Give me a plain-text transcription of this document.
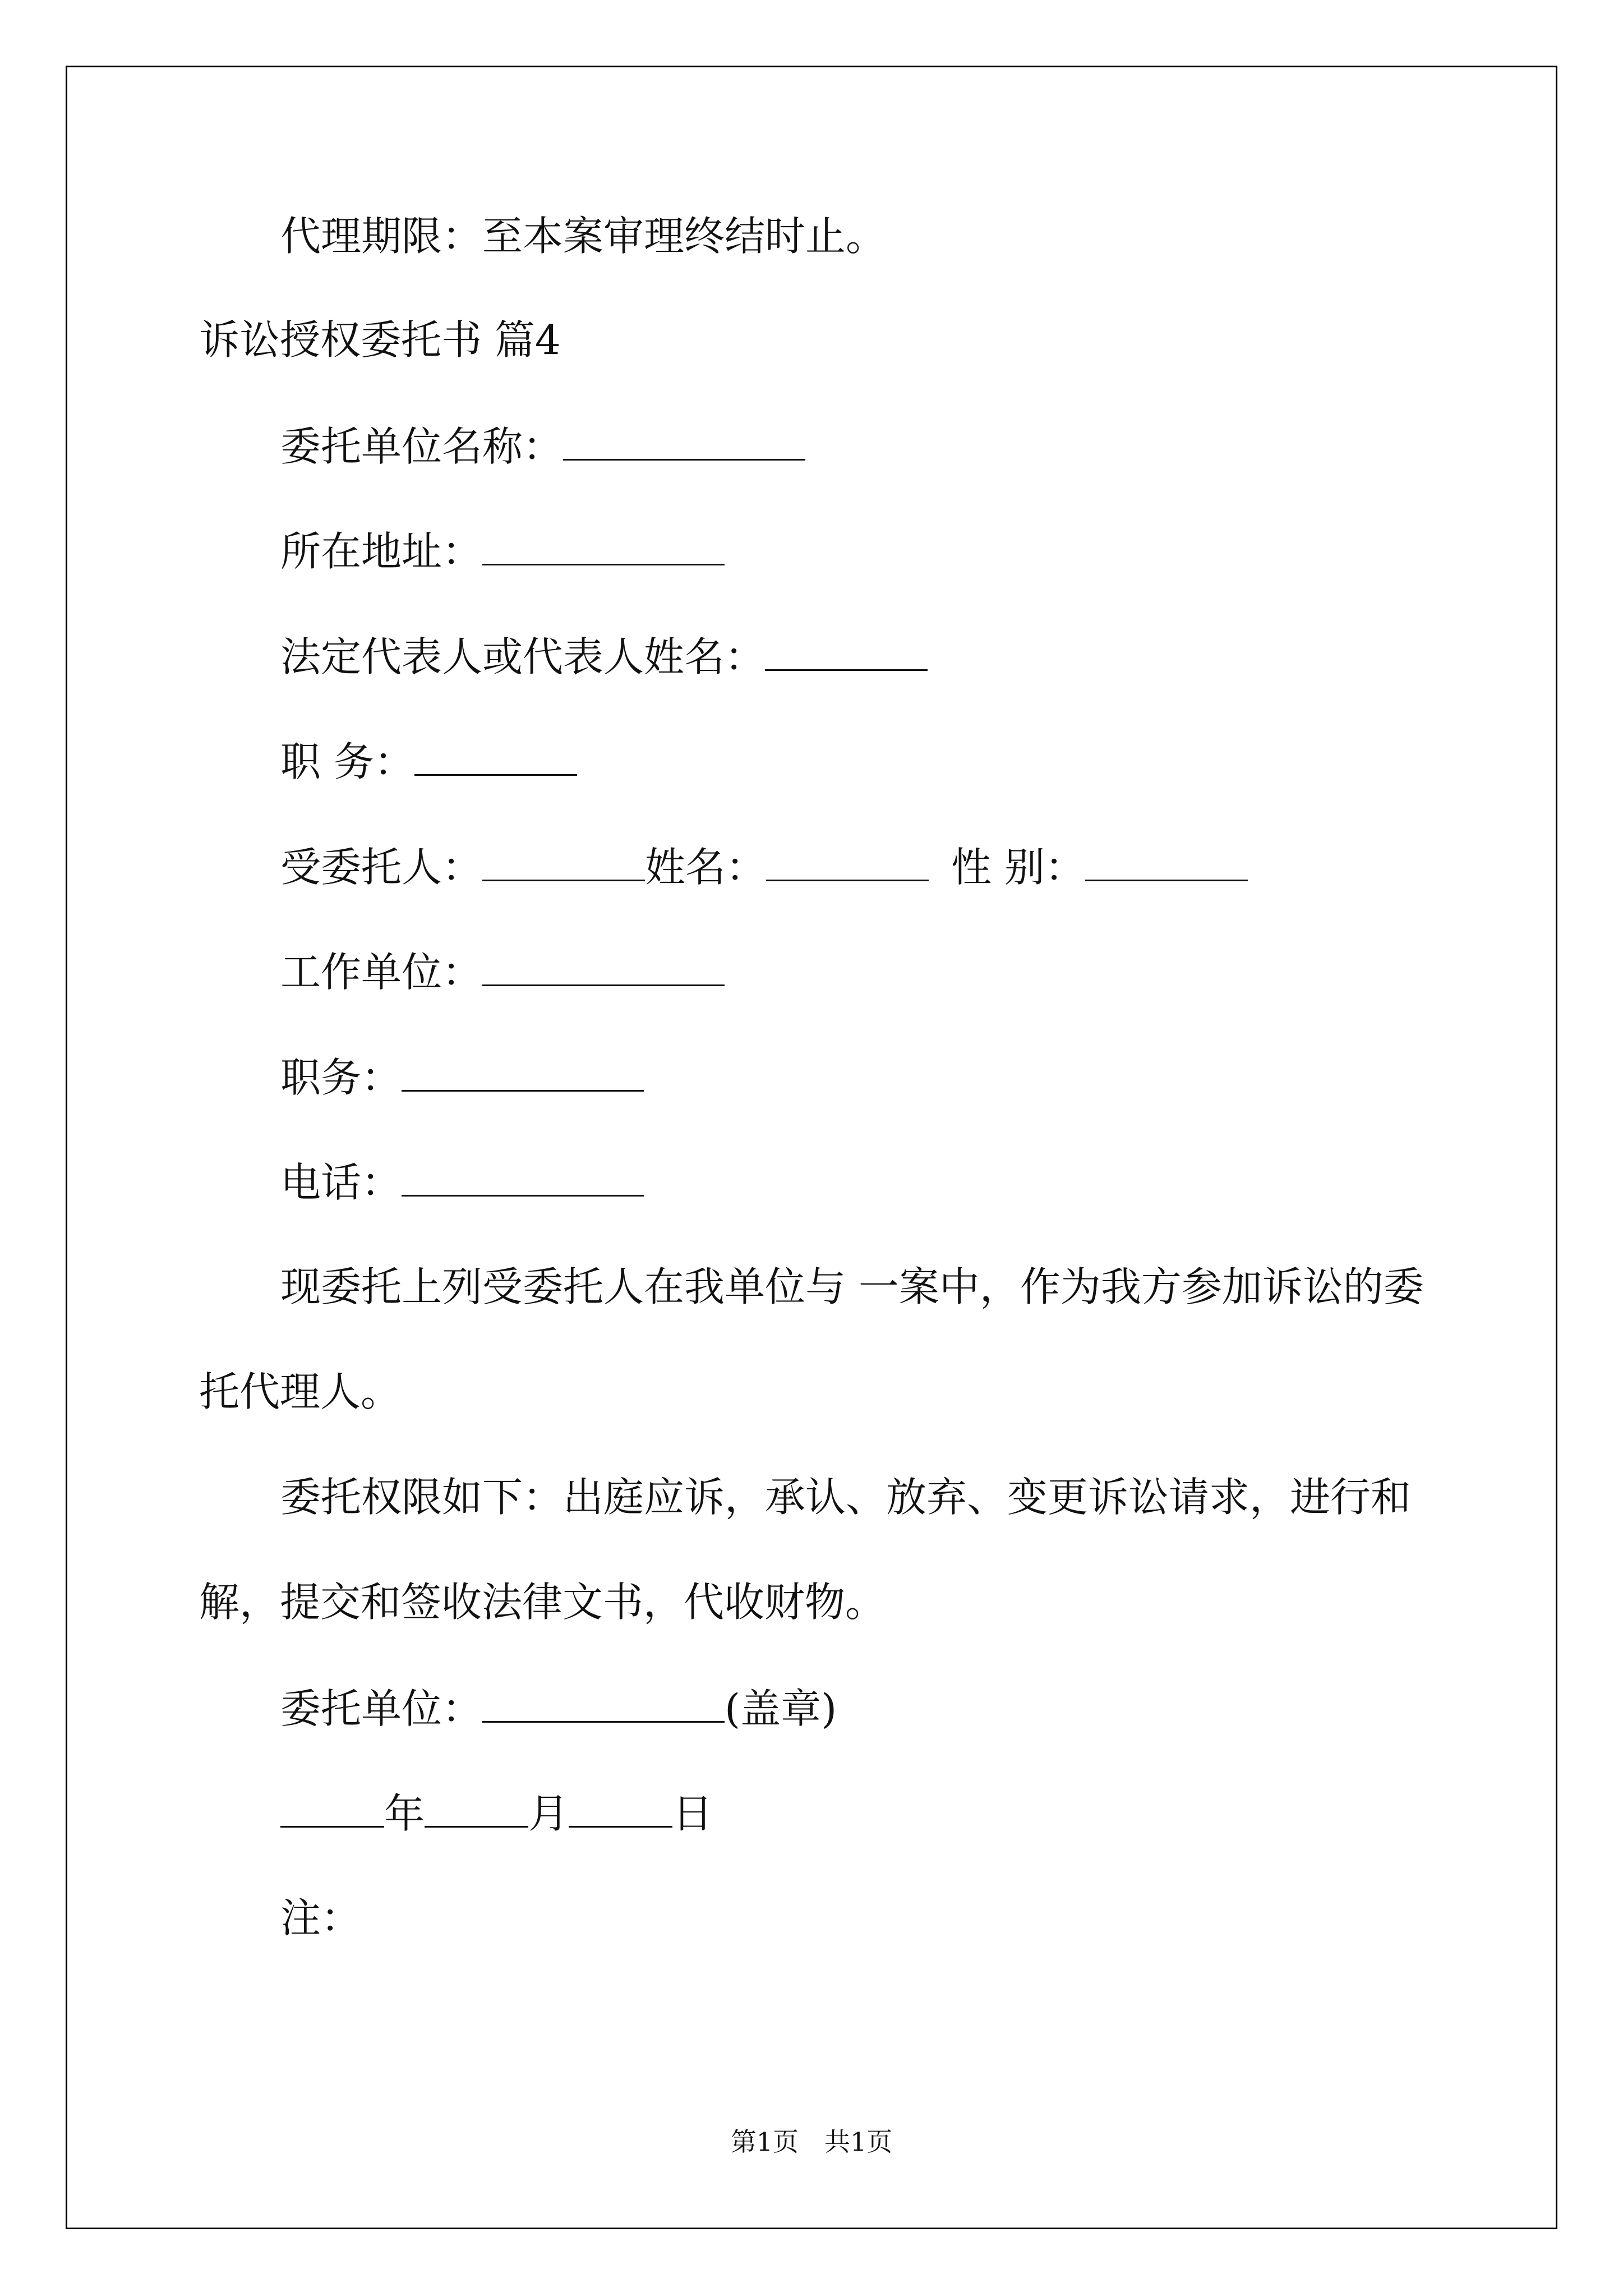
代理期限：至本案审理终结时止。
诉讼授权委托书 篇4
委托单位名称：
所在地址：
法定代表人或代表人姓名：
职 务：
受委托人：	姓名：	性 别：
工作单位：
职务：
电话：
现委托上列受委托人在我单位与 一案中，作为我方参加诉讼的委
托代理人。
委托权限如下：出庭应诉，承认、放弃、变更诉讼请求，进行和
解，提交和签收法律文书，代收财物。
委托单位：	(盖章)
年	月	日
注：
第1页　共1页
